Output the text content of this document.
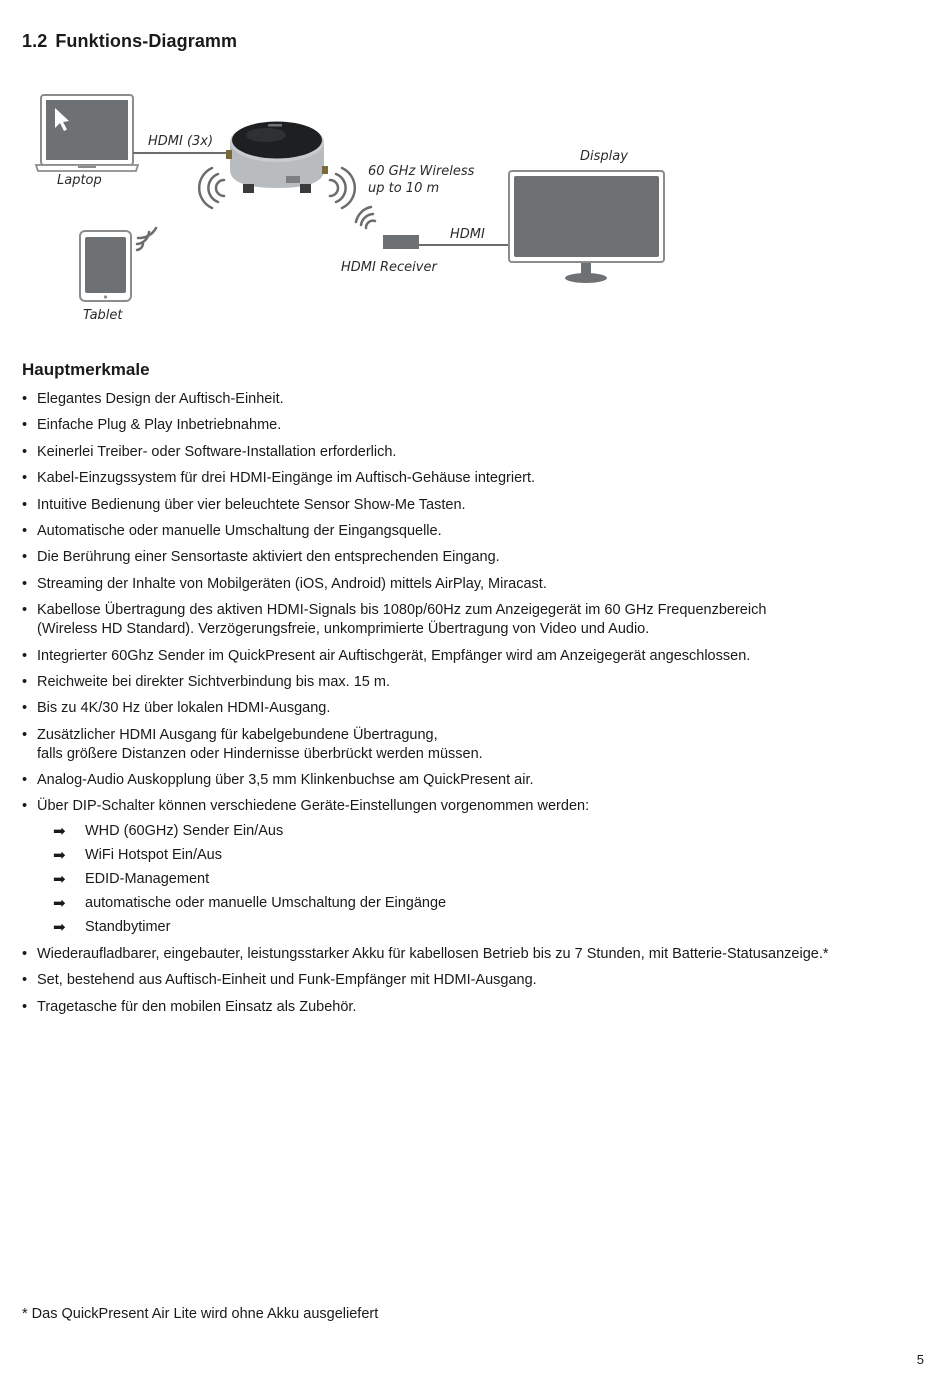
1.2 Funktions-Diagramm
Laptop
HDMI (3x)
60 GHz Wireless
up to 10 m
Display
HDMI
HDMI Receiver
Tablet
Hauptmerkmale
• Elegantes Design der Auftisch-Einheit.
• Einfache Plug & Play Inbetriebnahme.
• Keinerlei Treiber- oder Software-Installation erforderlich.
• Kabel-Einzugssystem für drei HDMI-Eingänge im Auftisch-Gehäuse integriert.
• Intuitive Bedienung über vier beleuchtete Sensor Show-Me Tasten.
• Automatische oder manuelle Umschaltung der Eingangsquelle.
• Die Berührung einer Sensortaste aktiviert den entsprechenden Eingang.
• Streaming der Inhalte von Mobilgeräten (iOS, Android) mittels AirPlay, Miracast.
• Kabellose Übertragung des aktiven HDMI-Signals bis 1080p/60Hz zum Anzeigegerät im 60 GHz Frequenzbereich
(Wireless HD Standard). Verzögerungsfreie, unkomprimierte Übertragung von Video und Audio.
• Integrierter 60Ghz Sender im QuickPresent air Auftischgerät, Empfänger wird am Anzeigegerät angeschlossen.
• Reichweite bei direkter Sichtverbindung bis max. 15 m.
• Bis zu 4K/30 Hz über lokalen HDMI-Ausgang.
• Zusätzlicher HDMI Ausgang für kabelgebundene Übertragung,
falls größere Distanzen oder Hindernisse überbrückt werden müssen.
• Analog-Audio Auskopplung über 3,5 mm Klinkenbuchse am QuickPresent air.
• Über DIP-Schalter können verschiedene Geräte-Einstellungen vorgenommen werden:
➡ WHD (60GHz) Sender Ein/Aus
➡ WiFi Hotspot Ein/Aus
➡ EDID-Management
➡ automatische oder manuelle Umschaltung der Eingänge
➡ Standbytimer
• Wiederaufladbarer, eingebauter, leistungsstarker Akku für kabellosen Betrieb bis zu 7 Stunden, mit Batterie-Statusanzeige.*
• Set, bestehend aus Auftisch-Einheit und Funk-Empfänger mit HDMI-Ausgang.
• Tragetasche für den mobilen Einsatz als Zubehör.
* Das QuickPresent Air Lite wird ohne Akku ausgeliefert
5
